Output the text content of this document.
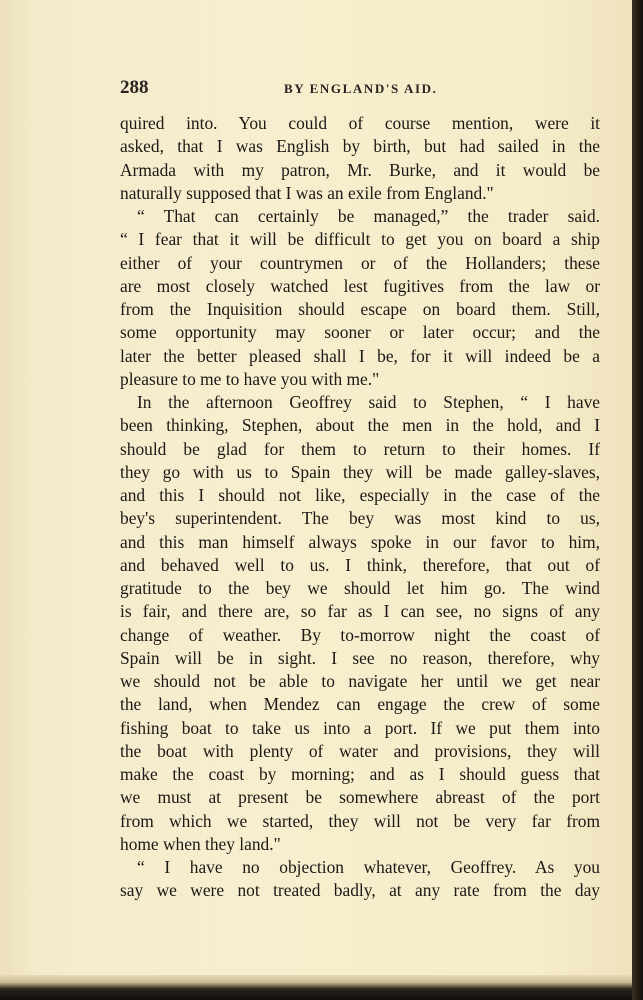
288	BY ENGLAND'S AID.
quired into. You could of course mention, were it
asked, that I was English by birth, but had sailed in the
Armada with my patron, Mr. Burke, and it would be
naturally supposed that I was an exile from England."
“ That can certainly be managed,” the trader said.
“ I fear that it will be difficult to get you on board a ship
either of your countrymen or of the Hollanders; these
are most closely watched lest fugitives from the law or
from the Inquisition should escape on board them. Still,
some opportunity may sooner or later occur; and the
later the better pleased shall I be, for it will indeed be a
pleasure to me to have you with me."
In the afternoon Geoffrey said to Stephen, “ I have
been thinking, Stephen, about the men in the hold, and I
should be glad for them to return to their homes. If
they go with us to Spain they will be made galley-slaves,
and this I should not like, especially in the case of the
bey's superintendent. The bey was most kind to us,
and this man himself always spoke in our favor to him,
and behaved well to us. I think, therefore, that out of
gratitude to the bey we should let him go. The wind
is fair, and there are, so far as I can see, no signs of any
change of weather. By to-morrow night the coast of
Spain will be in sight. I see no reason, therefore, why
we should not be able to navigate her until we get near
the land, when Mendez can engage the crew of some
fishing boat to take us into a port. If we put them into
the boat with plenty of water and provisions, they will
make the coast by morning; and as I should guess that
we must at present be somewhere abreast of the port
from which we started, they will not be very far from
home when they land."
“ I have no objection whatever, Geoffrey. As you
say we were not treated badly, at any rate from the day
